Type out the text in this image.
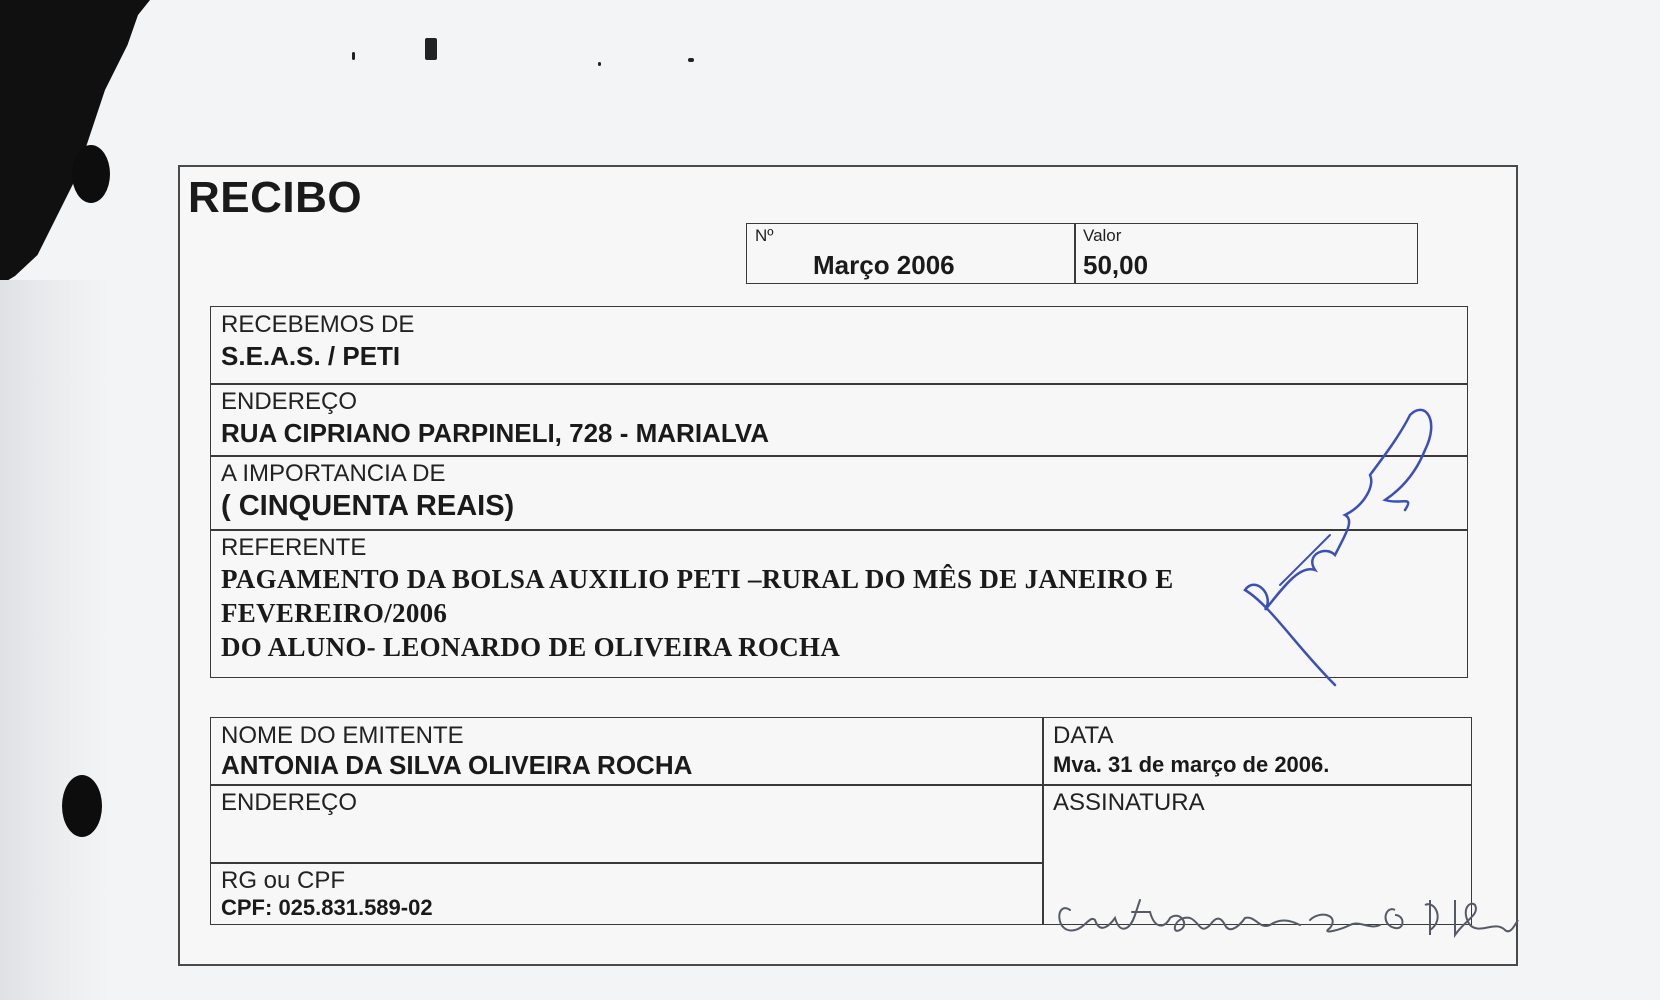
RECIBO
Nº
Março 2006
Valor
50,00
RECEBEMOS DE
S.E.A.S. / PETI
ENDEREÇO
RUA CIPRIANO PARPINELI, 728 - MARIALVA
A IMPORTANCIA DE
( CINQUENTA REAIS)
REFERENTE
PAGAMENTO DA BOLSA AUXILIO PETI –RURAL DO MÊS DE JANEIRO E
FEVEREIRO/2006
DO ALUNO- LEONARDO DE OLIVEIRA ROCHA
NOME DO EMITENTE
ANTONIA DA SILVA OLIVEIRA ROCHA
DATA
Mva. 31 de março de 2006.
ENDEREÇO	ASSINATURA
RG ou CPF
CPF: 025.831.589-02
